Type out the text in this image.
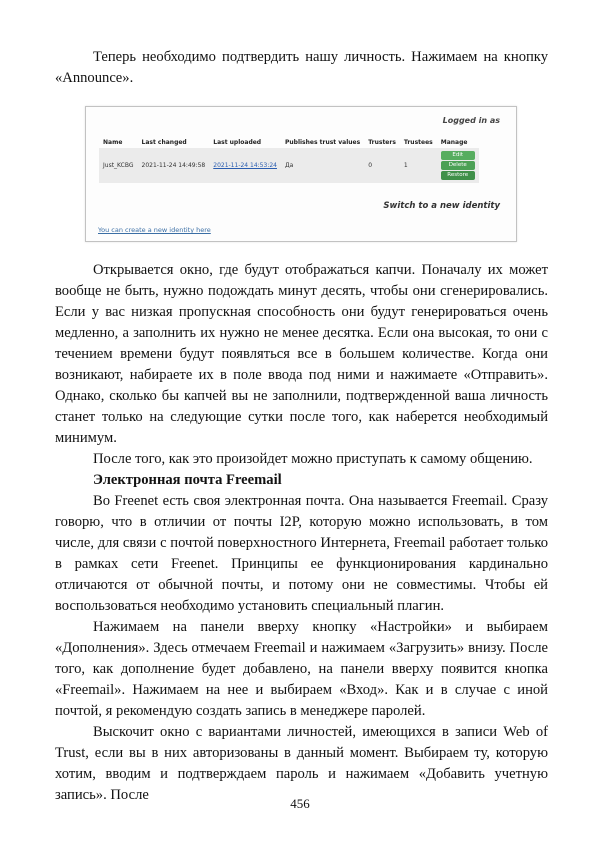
Теперь необходимо подтвердить нашу личность. Нажимаем на кнопку «Announce».

Logged in as
Name	Last changed	Last uploaded	Publishes trust values	Trusters	Trustees	Manage
Just_KCBG	2021-11-24 14:49:58	2021-11-24 14:53:24	Да	0	1	Edit
Delete
Restore
Switch to a new identity
You can create a new identity here

Открывается окно, где будут отображаться капчи. Поначалу их может вообще не быть, нужно подождать минут десять, чтобы они сгенерировались. Если у вас низкая пропускная способность они будут генерироваться очень медленно, а заполнить их нужно не менее десятка. Если она высокая, то они с течением времени будут появляться все в большем количестве. Когда они возникают, набираете их в поле ввода под ними и нажимаете «Отправить». Однако, сколько бы капчей вы не заполнили, подтвержденной ваша личность станет только на следующие сутки после того, как наберется необходимый минимум.

После того, как это произойдет можно приступать к самому общению.

Электронная почта Freemail

Во Freenet есть своя электронная почта. Она называется Freemail. Сразу говорю, что в отличии от почты I2P, которую можно использовать, в том числе, для связи с почтой поверхностного Интернета, Freemail работает только в рамках сети Freenet. Принципы ее функционирования кардинально отличаются от обычной почты, и потому они не совместимы. Чтобы ей воспользоваться необходимо установить специальный плагин.

Нажимаем на панели вверху кнопку «Настройки» и выбираем «Дополнения». Здесь отмечаем Freemail и нажимаем «Загрузить» внизу. После того, как дополнение будет добавлено, на панели вверху появится кнопка «Freemail». Нажимаем на нее и выбираем «Вход». Как и в случае с иной почтой, я рекомендую создать запись в менеджере паролей.

Выскочит окно с вариантами личностей, имеющихся в записи Web of Trust, если вы в них авторизованы в данный момент. Выбираем ту, которую хотим, вводим и подтверждаем пароль и нажимаем «Добавить учетную запись». После

456
